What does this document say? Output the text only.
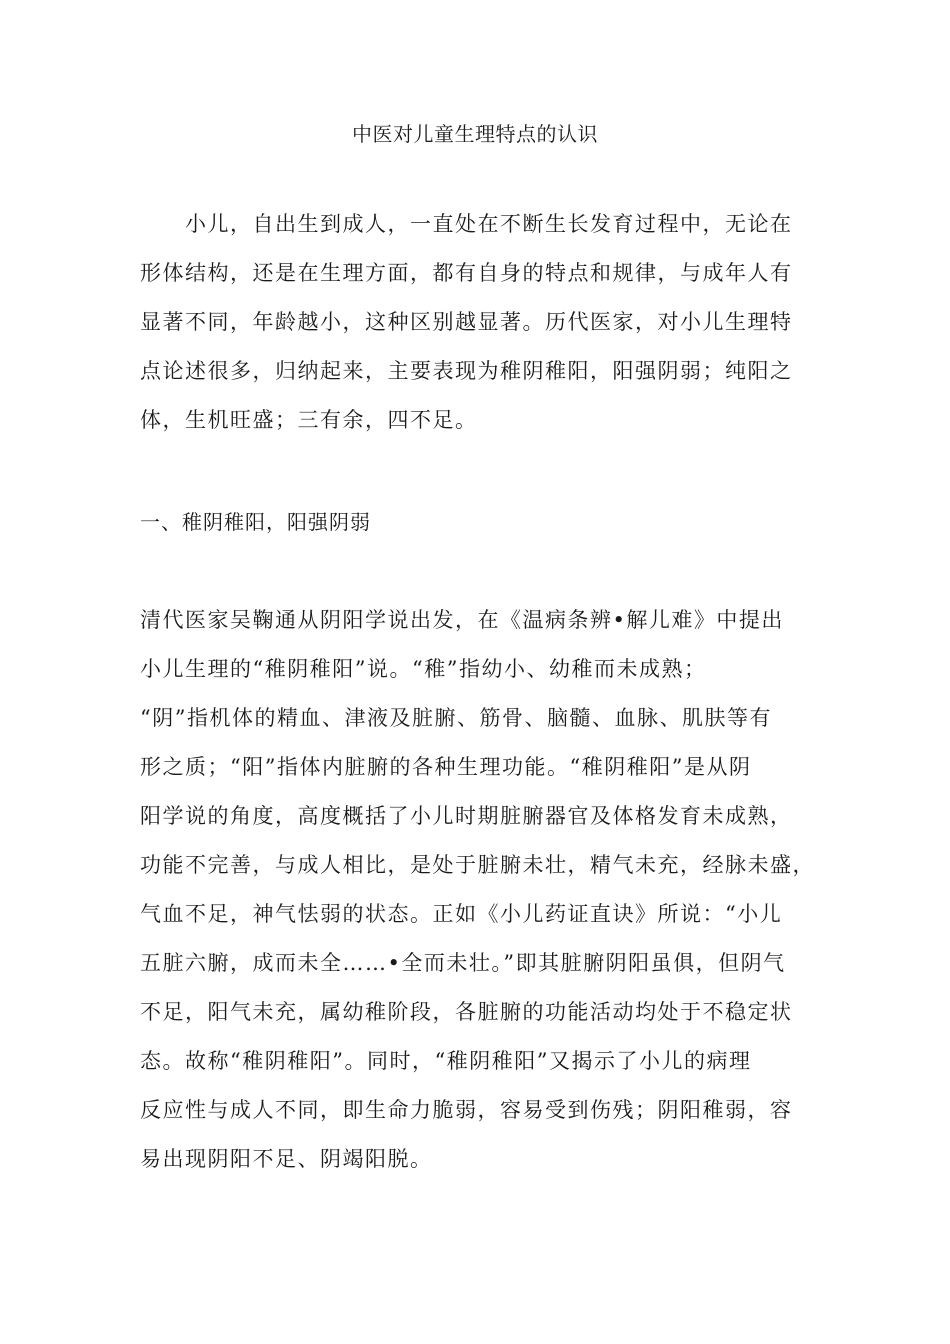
中医对儿童生理特点的认识
　　小儿，自出生到成人，一直处在不断生长发育过程中，无论在
形体结构，还是在生理方面，都有自身的特点和规律，与成年人有
显著不同，年龄越小，这种区别越显著。历代医家，对小儿生理特
点论述很多，归纳起来，主要表现为稚阴稚阳，阳强阴弱；纯阳之
体，生机旺盛；三有余，四不足。
一、稚阴稚阳，阳强阴弱
清代医家吴鞠通从阴阳学说出发，在《温病条辨•解儿难》中提出
小儿生理的“稚阴稚阳”说。“稚”指幼小、幼稚而未成熟；
“阴”指机体的精血、津液及脏腑、筋骨、脑髓、血脉、肌肤等有
形之质；“阳”指体内脏腑的各种生理功能。“稚阴稚阳”是从阴
阳学说的角度，高度概括了小儿时期脏腑器官及体格发育未成熟，
功能不完善，与成人相比，是处于脏腑未壮，精气未充，经脉未盛，
气血不足，神气怯弱的状态。正如《小儿药证直诀》所说：“小儿
五脏六腑，成而未全……•全而未壮。”即其脏腑阴阳虽俱，但阴气
不足，阳气未充，属幼稚阶段，各脏腑的功能活动均处于不稳定状
态。故称“稚阴稚阳”。同时，“稚阴稚阳”又揭示了小儿的病理
反应性与成人不同，即生命力脆弱，容易受到伤残；阴阳稚弱，容
易出现阴阳不足、阴竭阳脱。
